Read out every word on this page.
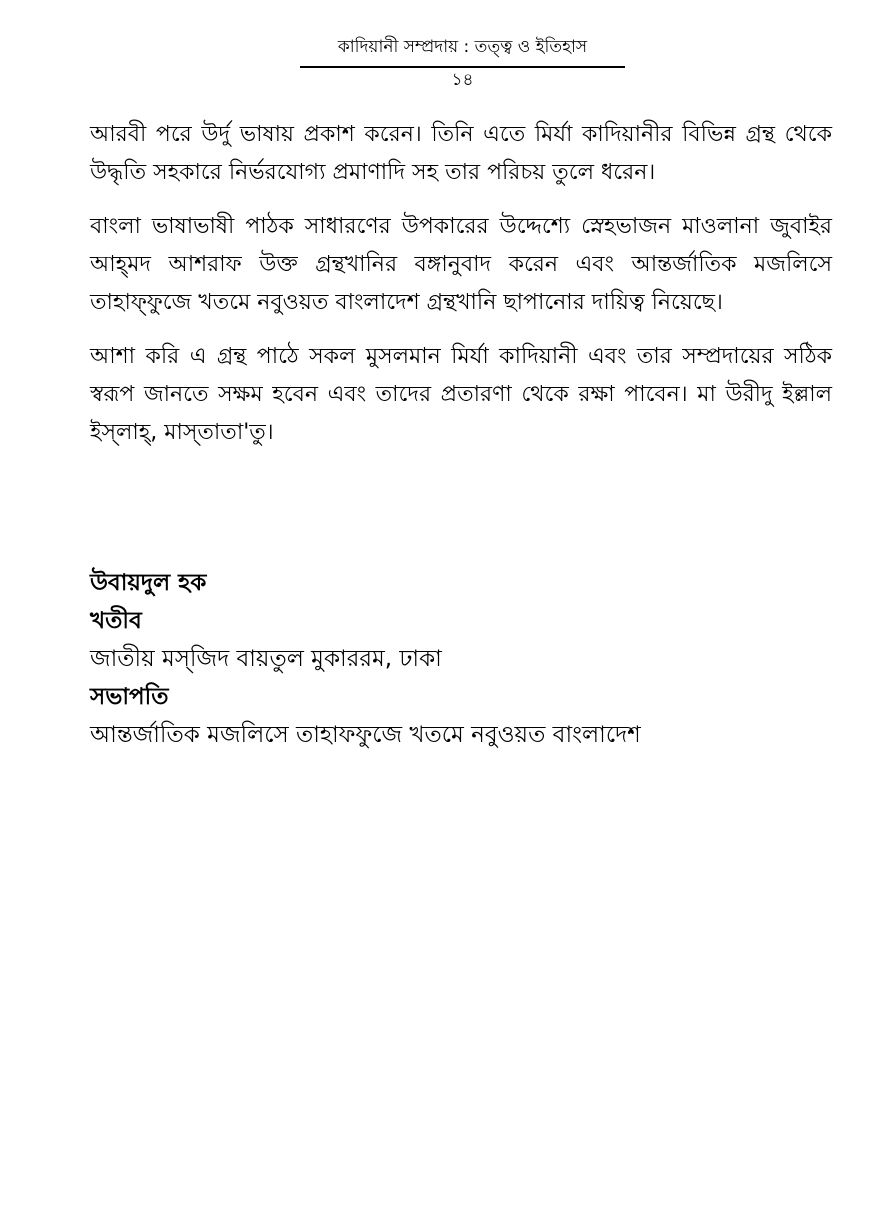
কাদিয়ানী সম্প্রদায় : তত্ত্ব ও ইতিহাস
১৪

আরবী পরে উর্দু ভাষায় প্রকাশ করেন। তিনি এতে মির্যা কাদিয়ানীর বিভিন্ন গ্রন্থ থেকে উদ্ধৃতি সহকারে নির্ভরযোগ্য প্রমাণাদি সহ তার পরিচয় তুলে ধরেন।

বাংলা ভাষাভাষী পাঠক সাধারণের উপকারের উদ্দেশ্যে স্নেহভাজন মাওলানা জুবাইর আহ্‌মদ আশরাফ উক্ত গ্রন্থখানির বঙ্গানুবাদ করেন এবং আন্তর্জাতিক মজলিসে তাহাফ্‌ফুজে খতমে নবুওয়ত বাংলাদেশ গ্রন্থখানি ছাপানোর দায়িত্ব নিয়েছে।

আশা করি এ গ্রন্থ পাঠে সকল মুসলমান মির্যা কাদিয়ানী এবং তার সম্প্রদায়ের সঠিক স্বরূপ জানতে সক্ষম হবেন এবং তাদের প্রতারণা থেকে রক্ষা পাবেন। মা উরীদু ইল্লাল ইস্‌লাহ্‌, মাস্‌তাতা'তু।

উবায়দুল হক

খতীব

জাতীয় মস্‌জিদ বায়তুল মুকাররম, ঢাকা

সভাপতি

আন্তর্জাতিক মজলিসে তাহাফফুজে খতমে নবুওয়ত বাংলাদেশ
